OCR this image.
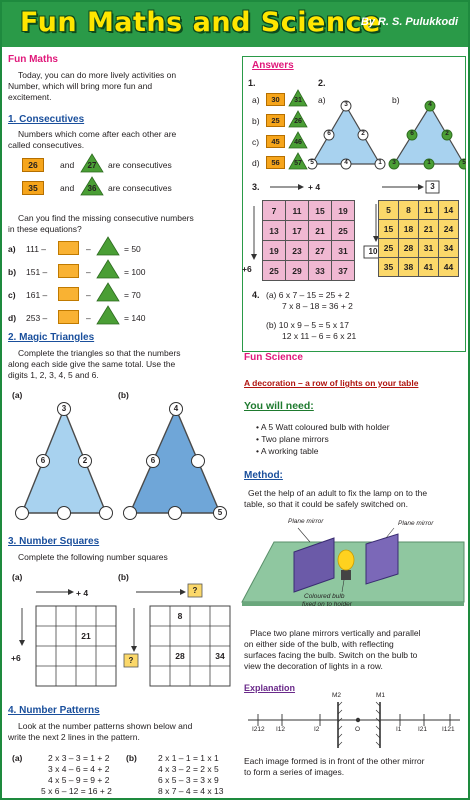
Fun Maths and Science
By R. S. Pulukkodi
Fun Maths
Today, you can do more lively activities on
Number, which will bring more fun and
excitement.
1. Consecutives
Numbers which come after each other are
called consecutives.
26	and	27	are consecutives
35	and	36	are consecutives
Can you find the missing consecutive numbers
in these equations?
a) 111 –	–	= 50
b) 151 –	–	= 100
c) 161 –	–	= 70
d) 253 –	–	= 140
2. Magic Triangles
Complete the triangles so that the numbers
along each side give the same total. Use the
digits 1, 2, 3, 4, 5 and 6.
(a)	(b)
3
6	2
4
6
5
3. Number Squares
Complete the following number squares
(a)	(b)
+ 4
+6
21
?
?
8
28	34
4. Number Patterns
Look at the number patterns shown below and
write the next 2 lines in the pattern.
(a)	(b)
2 x 3 – 3 = 1 + 2
3 x 4 – 6 = 4 + 2
4 x 5 – 9 = 9 + 2
5 x 6 – 12 = 16 + 2
2 x 1 – 1 = 1 x 1
4 x 3 – 2 = 2 x 5
6 x 5 – 3 = 3 x 9
8 x 7 – 4 = 4 x 13
Answers
1.	2.
a)	30	31
b)	25	26
c)	45	46
d)	56	57
a)	b)
3
6	2
5	4	1
4
6	2
3	1	5
3.	+ 4
+6
3
10
7	11	15	19
13	17	21	25
19	23	27	31
25	29	33	37
5	8	11	14
15	18	21	24
25	28	31	34
35	38	41	44
4. (a) 6 x 7 – 15 = 25 + 2
7 x 8 – 18 = 36 + 2
(b) 10 x 9 – 5 = 5 x 17
12 x 11 – 6 = 6 x 21
Fun Science
A decoration – a row of lights on your table
You will need:
• A 5 Watt coloured bulb with holder
• Two plane mirrors
• A working table
Method:
Get the help of an adult to fix the lamp on to the
table, so that it could be safely switched on.
Plane mirror	Plane mirror
Coloured bulb
fixed on to holder
Place two plane mirrors vertically and parallel
on either side of the bulb, with reflecting
surfaces facing the bulb. Switch on the bulb to
view the decoration of lights in a row.
Explanation
I212 I12	I2
M2
O
M1
I1	I21 I121
Each image formed is in front of the other mirror
to form a series of images.
